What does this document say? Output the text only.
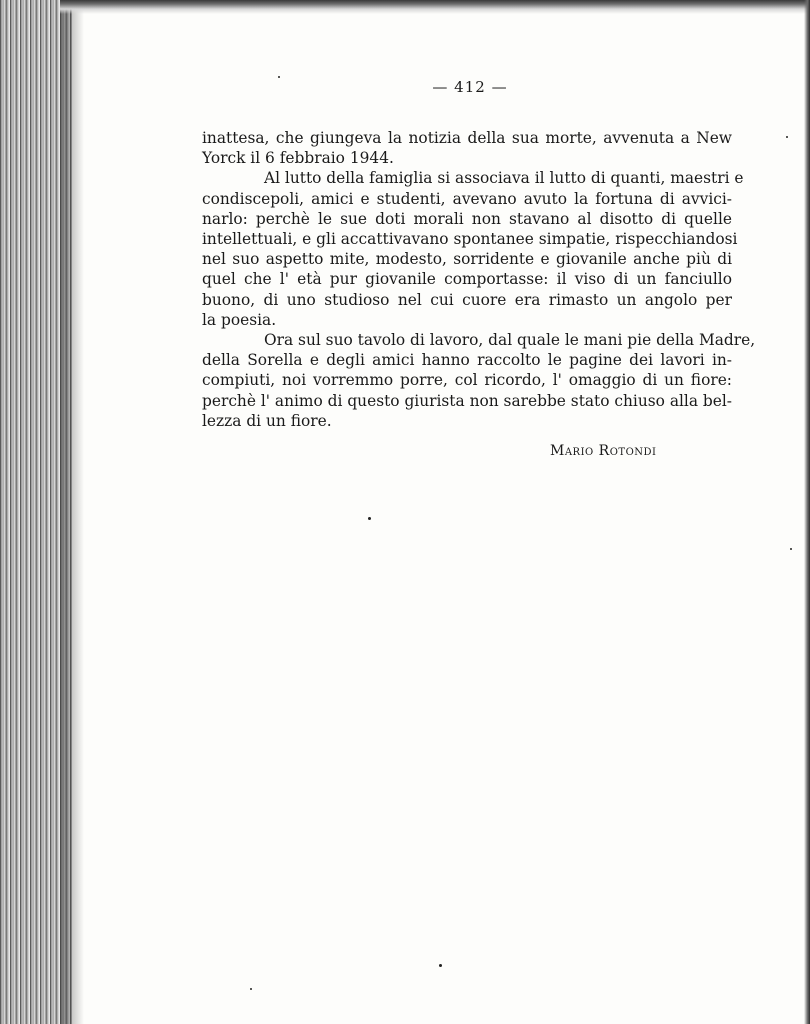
— 412 —
inattesa, che giungeva la notizia della sua morte, avvenuta a New
Yorck il 6 febbraio 1944.
Al lutto della famiglia si associava il lutto di quanti, maestri e
condiscepoli, amici e studenti, avevano avuto la fortuna di avvici-
narlo: perchè le sue doti morali non stavano al disotto di quelle
intellettuali, e gli accattivavano spontanee simpatie, rispecchiandosi
nel suo aspetto mite, modesto, sorridente e giovanile anche più di
quel che l' età pur giovanile comportasse: il viso di un fanciullo
buono, di uno studioso nel cui cuore era rimasto un angolo per
la poesia.
Ora sul suo tavolo di lavoro, dal quale le mani pie della Madre,
della Sorella e degli amici hanno raccolto le pagine dei lavori in-
compiuti, noi vorremmo porre, col ricordo, l' omaggio di un fiore:
perchè l' animo di questo giurista non sarebbe stato chiuso alla bel-
lezza di un fiore.
Mario Rotondi
